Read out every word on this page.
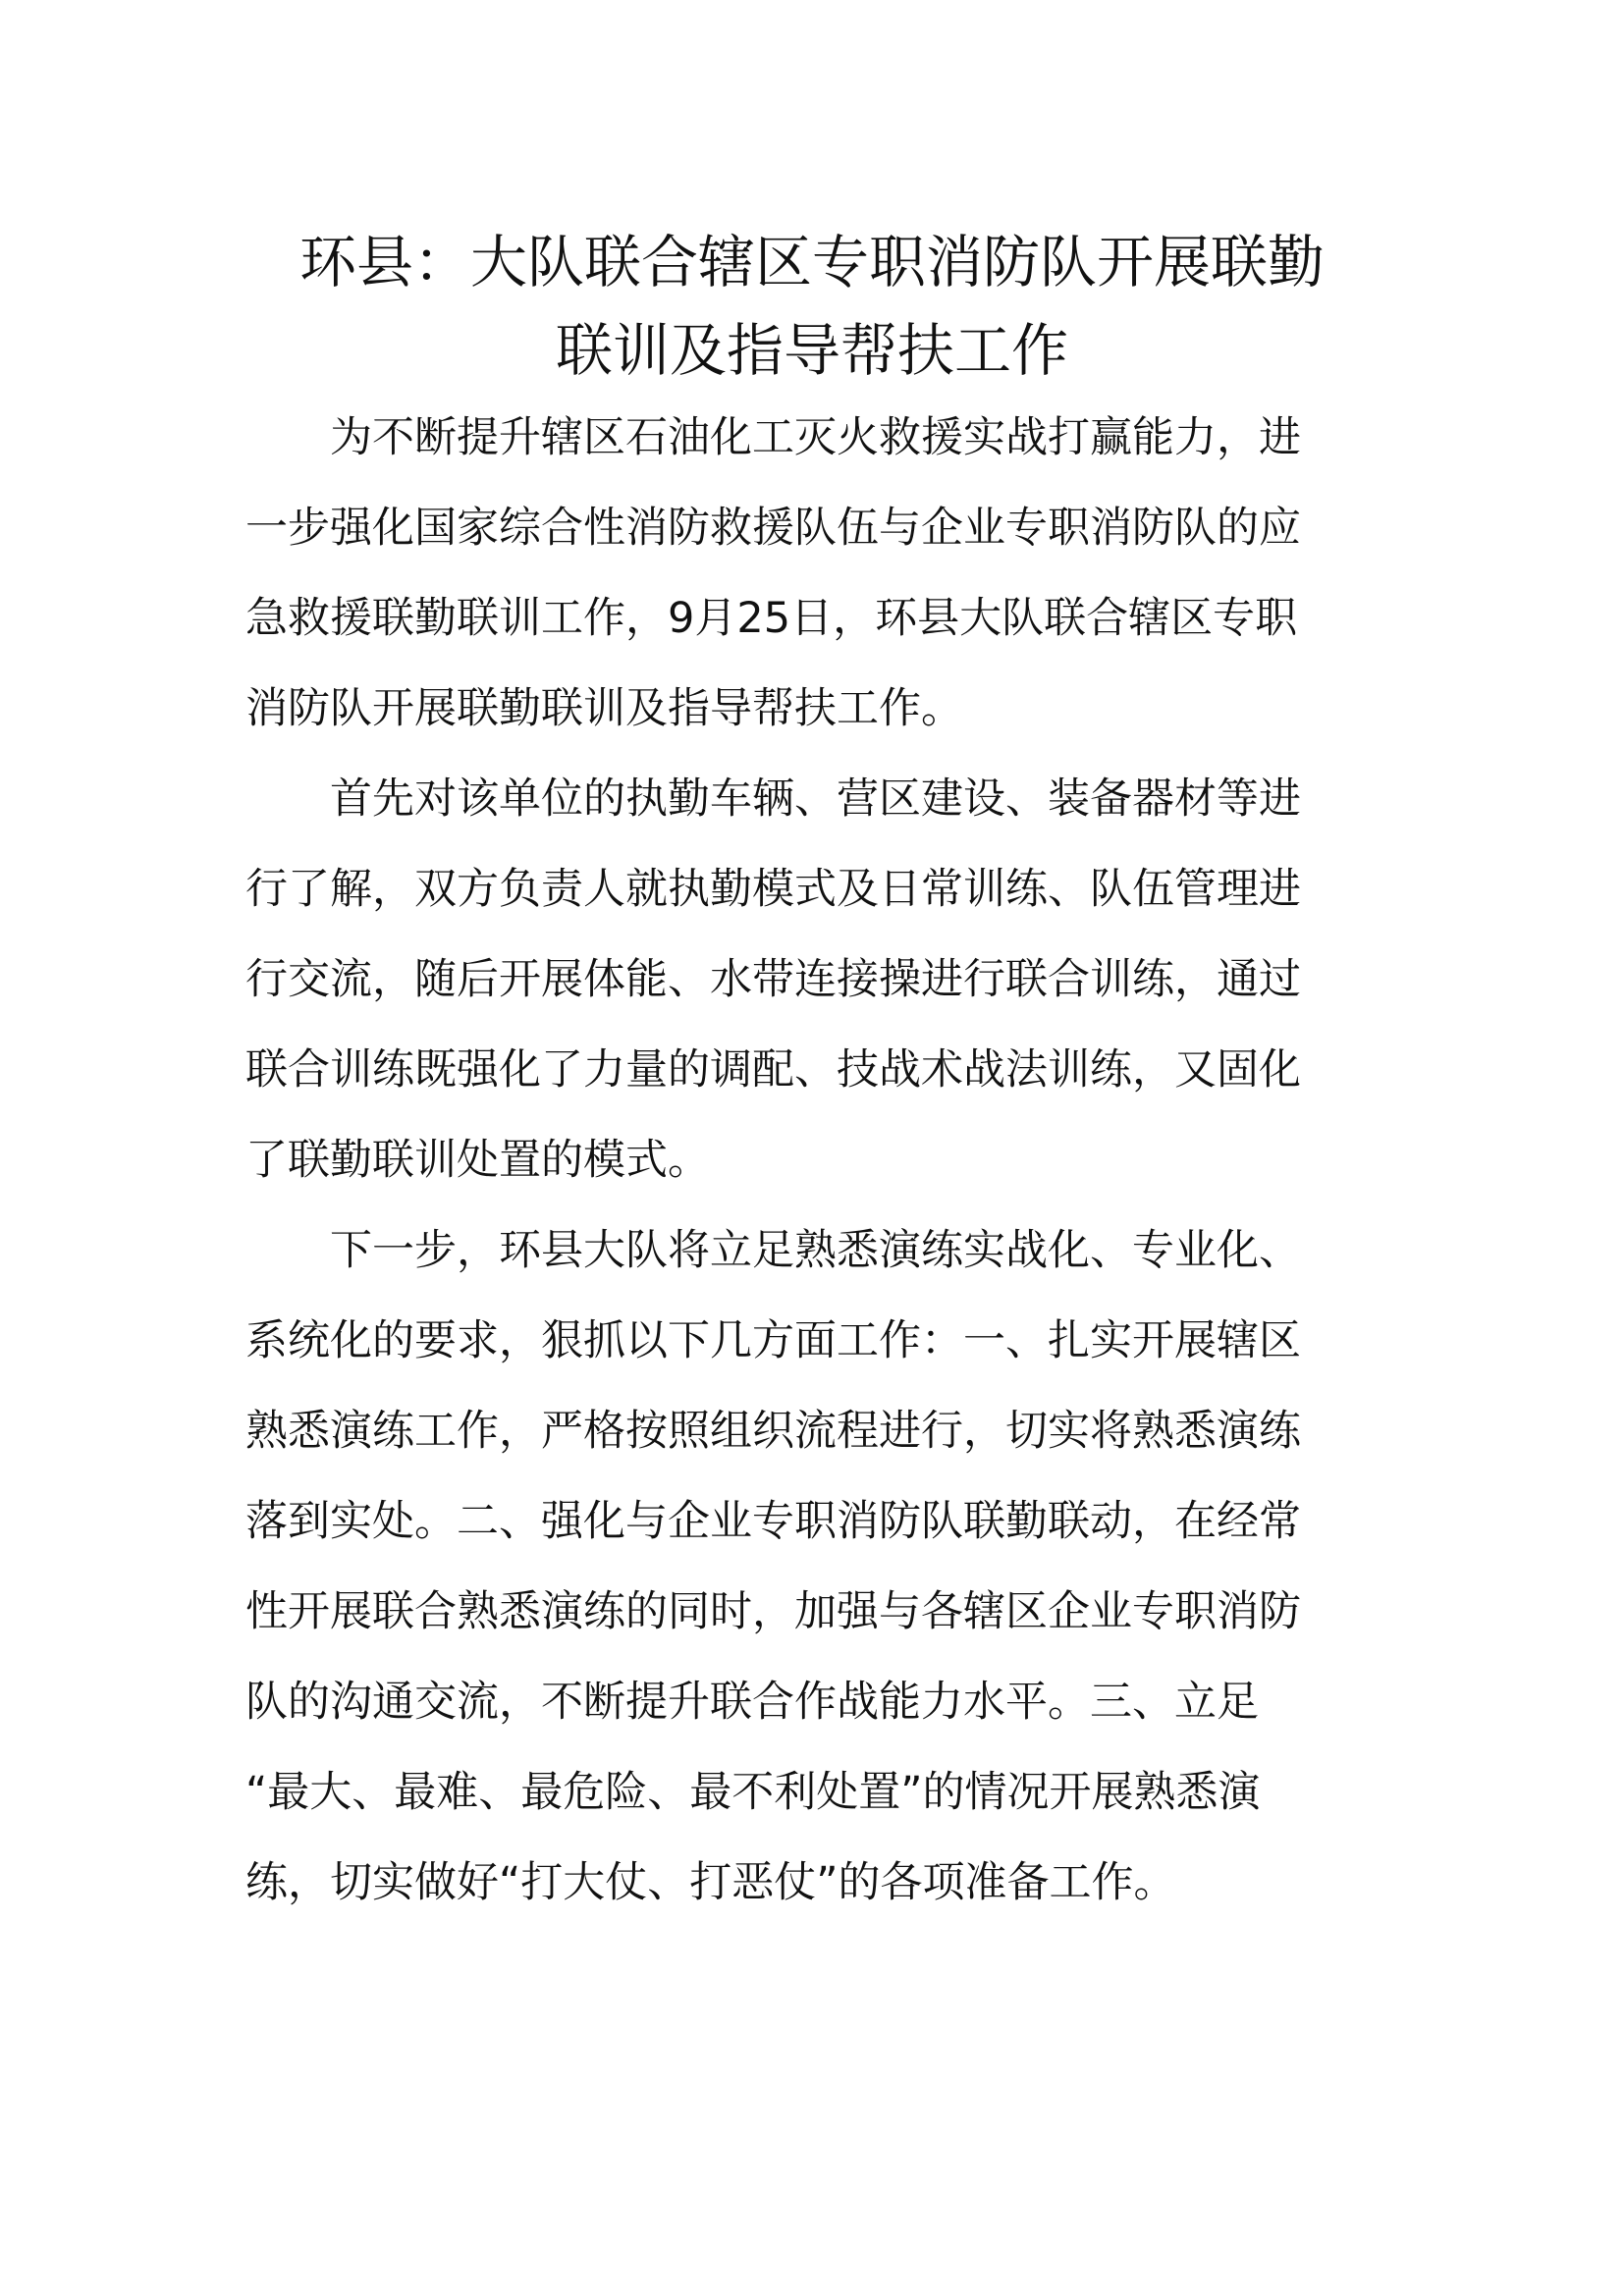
环县：大队联合辖区专职消防队开展联勤
联训及指导帮扶工作

为不断提升辖区石油化工灭火救援实战打赢能力，进
一步强化国家综合性消防救援队伍与企业专职消防队的应
急救援联勤联训工作，9月25日，环县大队联合辖区专职
消防队开展联勤联训及指导帮扶工作。

首先对该单位的执勤车辆、营区建设、装备器材等进
行了解，双方负责人就执勤模式及日常训练、队伍管理进
行交流，随后开展体能、水带连接操进行联合训练，通过
联合训练既强化了力量的调配、技战术战法训练，又固化
了联勤联训处置的模式。

下一步，环县大队将立足熟悉演练实战化、专业化、
系统化的要求，狠抓以下几方面工作：一、扎实开展辖区
熟悉演练工作，严格按照组织流程进行，切实将熟悉演练
落到实处。二、强化与企业专职消防队联勤联动，在经常
性开展联合熟悉演练的同时，加强与各辖区企业专职消防
队的沟通交流，不断提升联合作战能力水平。三、立足
“最大、最难、最危险、最不利处置”的情况开展熟悉演
练，切实做好“打大仗、打恶仗”的各项准备工作。
